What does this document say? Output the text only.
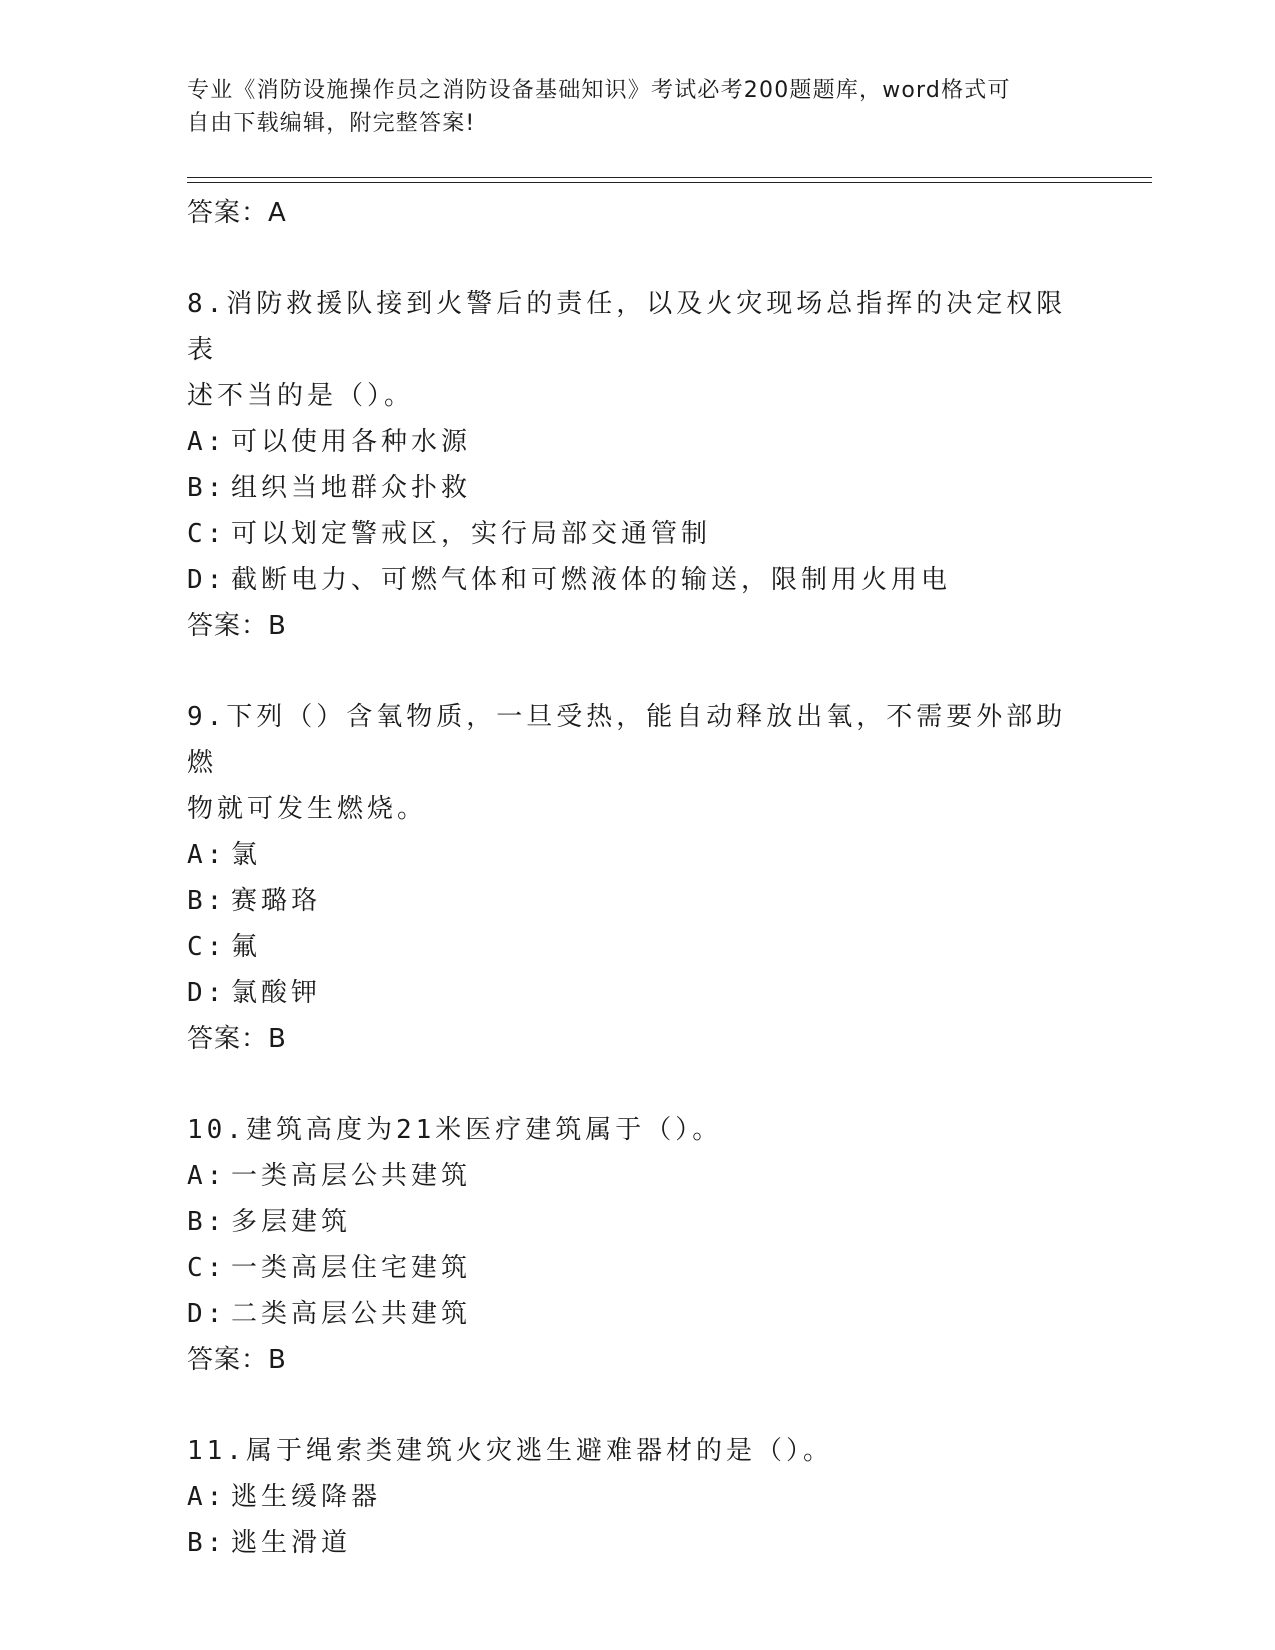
专业《消防设施操作员之消防设备基础知识》考试必考200题题库，word格式可
自由下载编辑，附完整答案!
答案：A
8.消防救援队接到火警后的责任，以及火灾现场总指挥的决定权限表
述不当的是（）。
A: 可以使用各种水源
B: 组织当地群众扑救
C: 可以划定警戒区，实行局部交通管制
D: 截断电力、可燃气体和可燃液体的输送，限制用火用电
答案：B
9.下列（）含氧物质，一旦受热，能自动释放出氧，不需要外部助燃
物就可发生燃烧。
A: 氯
B: 赛璐珞
C: 氟
D: 氯酸钾
答案：B
10.建筑高度为21米医疗建筑属于（）。
A: 一类高层公共建筑
B: 多层建筑
C: 一类高层住宅建筑
D: 二类高层公共建筑
答案：B
11.属于绳索类建筑火灾逃生避难器材的是（）。
A: 逃生缓降器
B: 逃生滑道
